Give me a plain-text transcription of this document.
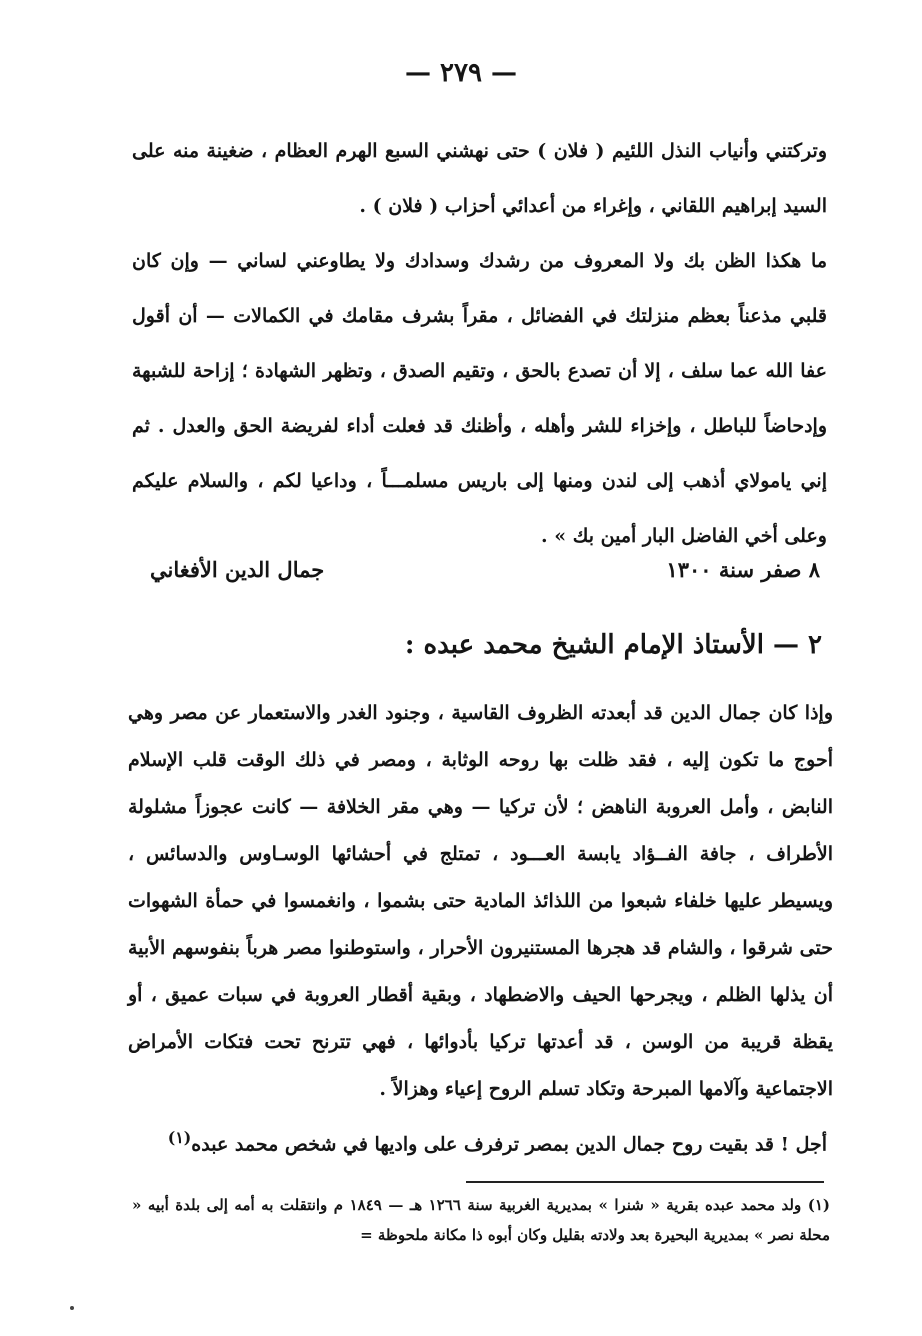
— ٢٧٩ —
وتركتني وأنياب النذل اللئيم ( فلان ) حتى نهشني السبع الهرم العظام ، ضغينة منه على السيد إبراهيم اللقاني ، وإغراء من أعدائي أحزاب ( فلان ) .
ما هكذا الظن بك ولا المعروف من رشدك وسدادك ولا يطاوعني لساني — وإن كان قلبي مذعناً بعظم منزلتك في الفضائل ، مقراً بشرف مقامك في الكمالات — أن أقول عفا الله عما سلف ، إلا أن تصدع بالحق ، وتقيم الصدق ، وتظهر الشهادة ؛ إزاحة للشبهة وإدحاضاً للباطل ، وإخزاء للشر وأهله ، وأظنك قد فعلت أداء لفريضة الحق والعدل . ثم إني ياموﻻي أذهب إلى لندن ومنها إلى باريس مسلمـــاً ، وداعيا لكم ، والسلام عليكم وعلى أخي الفاضل البار أمين بك » .
٨ صفر سنة ١٣٠٠
جمال الدين الأفغاني
٢ — الأستاذ الإمام الشيخ محمد عبده :
وإذا كان جمال الدين قد أبعدته الظروف القاسية ، وجنود الغدر والاستعمار عن مصر وهي أحوج ما تكون إليه ، فقد ظلت بها روحه الوثابة ، ومصر في ذلك الوقت قلب الإسلام النابض ، وأمل العروبة الناهض ؛ لأن تركيا — وهي مقر الخلافة — كانت عجوزاً مشلولة الأطراف ، جافة الفــؤاد يابسة العـــود ، تمتلج في أحشائها الوسـاوس والدسائس ، ويسيطر عليها خلفاء شبعوا من اللذائذ المادية حتى بشموا ، وانغمسوا في حمأة الشهوات حتى شرقوا ، والشام قد هجرها المستنيرون الأحرار ، واستوطنوا مصر هرباً بنفوسهم الأبية أن يذلها الظلم ، ويجرحها الحيف والاضطهاد ، وبقية أقطار العروبة في سبات عميق ، أو يقظة قريبة من الوسن ، قد أعدتها تركيا بأدوائها ، فهي تترنح تحت فتكات الأمراض الاجتماعية وآلامها المبرحة وتكاد تسلم الروح إعياء وهزالاً .
أجل ! قد بقيت روح جمال الدين بمصر ترفرف على واديها في شخص محمد عبده$^{(١)}$
(١) ولد محمد عبده بقرية « شنرا » بمديرية الغربية سنة ١٢٦٦ هـ — ١٨٤٩ م وانتقلت به أمه إلى بلدة أبيه « محلة نصر » بمديرية البحيرة بعد ولادته بقليل وكان أبوه ذا مكانة ملحوظة =
